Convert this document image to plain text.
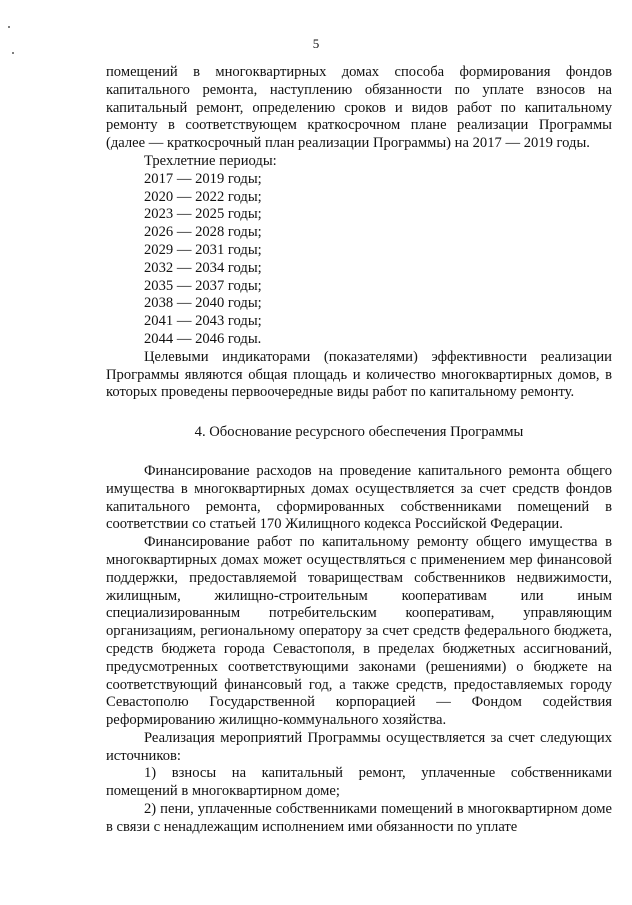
5

помещений в многоквартирных домах способа формирования фондов капитального ремонта, наступлению обязанности по уплате взносов на капитальный ремонт, определению сроков и видов работ по капитальному ремонту в соответствующем краткосрочном плане реализации Программы (далее — краткосрочный план реализации Программы) на 2017 — 2019 годы.

Трехлетние периоды:

2017 — 2019 годы;
2020 — 2022 годы;
2023 — 2025 годы;
2026 — 2028 годы;
2029 — 2031 годы;
2032 — 2034 годы;
2035 — 2037 годы;
2038 — 2040 годы;
2041 — 2043 годы;
2044 — 2046 годы.

Целевыми индикаторами (показателями) эффективности реализации Программы являются общая площадь и количество многоквартирных домов, в которых проведены первоочередные виды работ по капитальному ремонту.

4. Обоснование ресурсного обеспечения Программы

Финансирование расходов на проведение капитального ремонта общего имущества в многоквартирных домах осуществляется за счет средств фондов капитального ремонта, сформированных собственниками помещений в соответствии со статьей 170 Жилищного кодекса Российской Федерации.

Финансирование работ по капитальному ремонту общего имущества в многоквартирных домах может осуществляться с применением мер финансовой поддержки, предоставляемой товариществам собственников недвижимости, жилищным, жилищно-строительным кооперативам или иным специализированным потребительским кооперативам, управляющим организациям, региональному оператору за счет средств федерального бюджета, средств бюджета города Севастополя, в пределах бюджетных ассигнований, предусмотренных соответствующими законами (решениями) о бюджете на соответствующий финансовый год, а также средств, предоставляемых городу Севастополю Государственной корпорацией — Фондом содействия реформированию жилищно-коммунального хозяйства.

Реализация мероприятий Программы осуществляется за счет следующих источников:

1) взносы на капитальный ремонт, уплаченные собственниками помещений в многоквартирном доме;

2) пени, уплаченные собственниками помещений в многоквартирном доме в связи с ненадлежащим исполнением ими обязанности по уплате
